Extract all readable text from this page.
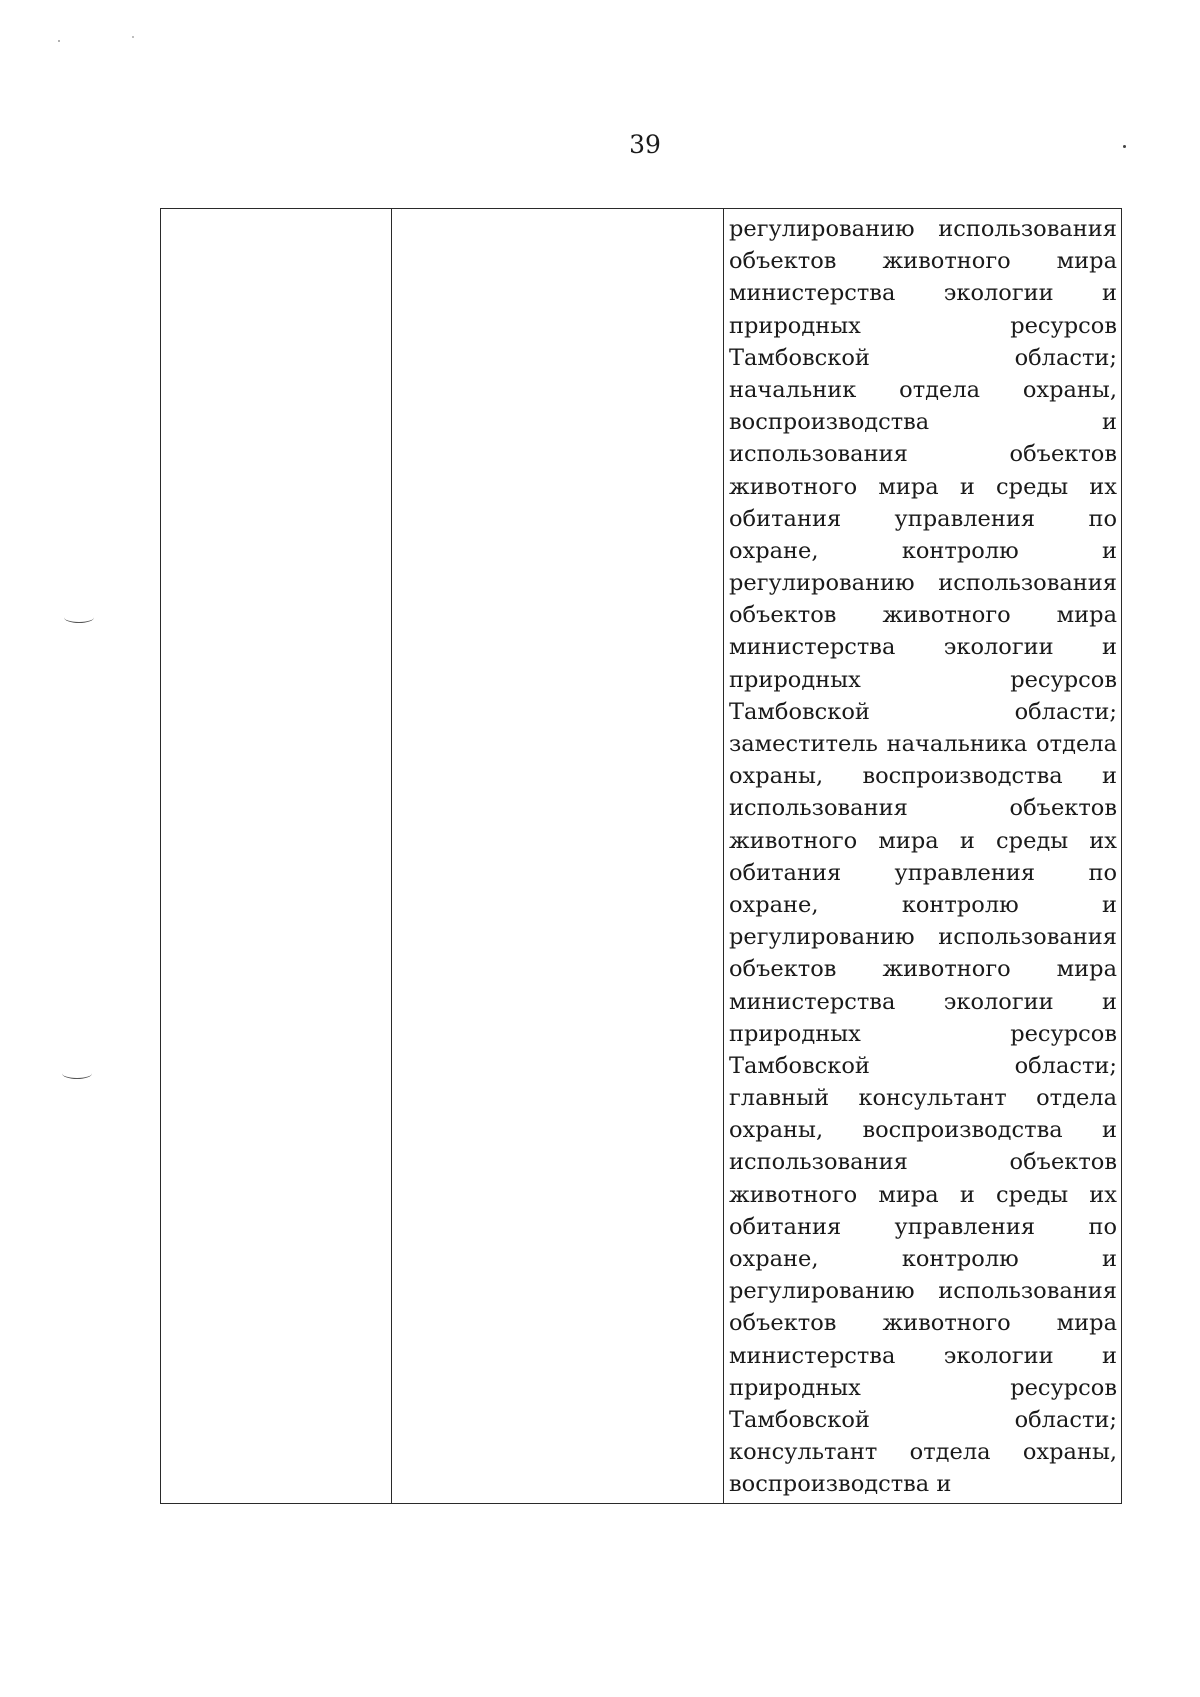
39
регулированию использования
объектов животного мира
министерства экологии и
природных ресурсов
Тамбовской области;
начальник отдела охраны,
воспроизводства и
использования объектов
животного мира и среды их
обитания управления по
охране, контролю и
регулированию использования
объектов животного мира
министерства экологии и
природных ресурсов
Тамбовской области;
заместитель начальника отдела
охраны, воспроизводства и
использования объектов
животного мира и среды их
обитания управления по
охране, контролю и
регулированию использования
объектов животного мира
министерства экологии и
природных ресурсов
Тамбовской области;
главный консультант отдела
охраны, воспроизводства и
использования объектов
животного мира и среды их
обитания управления по
охране, контролю и
регулированию использования
объектов животного мира
министерства экологии и
природных ресурсов
Тамбовской области;
консультант отдела охраны,
воспроизводства и
